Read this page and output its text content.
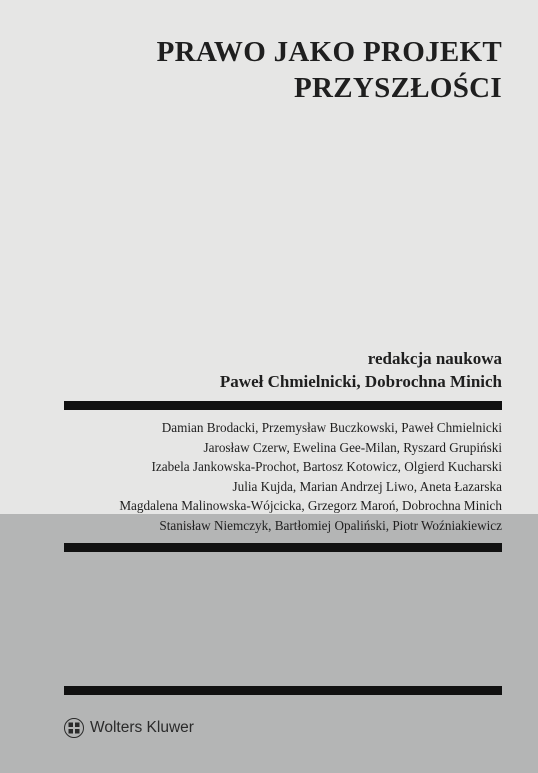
PRAWO JAKO PROJEKT
PRZYSZŁOŚCI
redakcja naukowa
Paweł Chmielnicki, Dobrochna Minich
Damian Brodacki, Przemysław Buczkowski, Paweł Chmielnicki
Jarosław Czerw, Ewelina Gee-Milan, Ryszard Grupiński
Izabela Jankowska-Prochot, Bartosz Kotowicz, Olgierd Kucharski
Julia Kujda, Marian Andrzej Liwo, Aneta Łazarska
Magdalena Malinowska-Wójcicka, Grzegorz Maroń, Dobrochna Minich
Stanisław Niemczyk, Bartłomiej Opaliński, Piotr Woźniakiewicz
Wolters Kluwer
